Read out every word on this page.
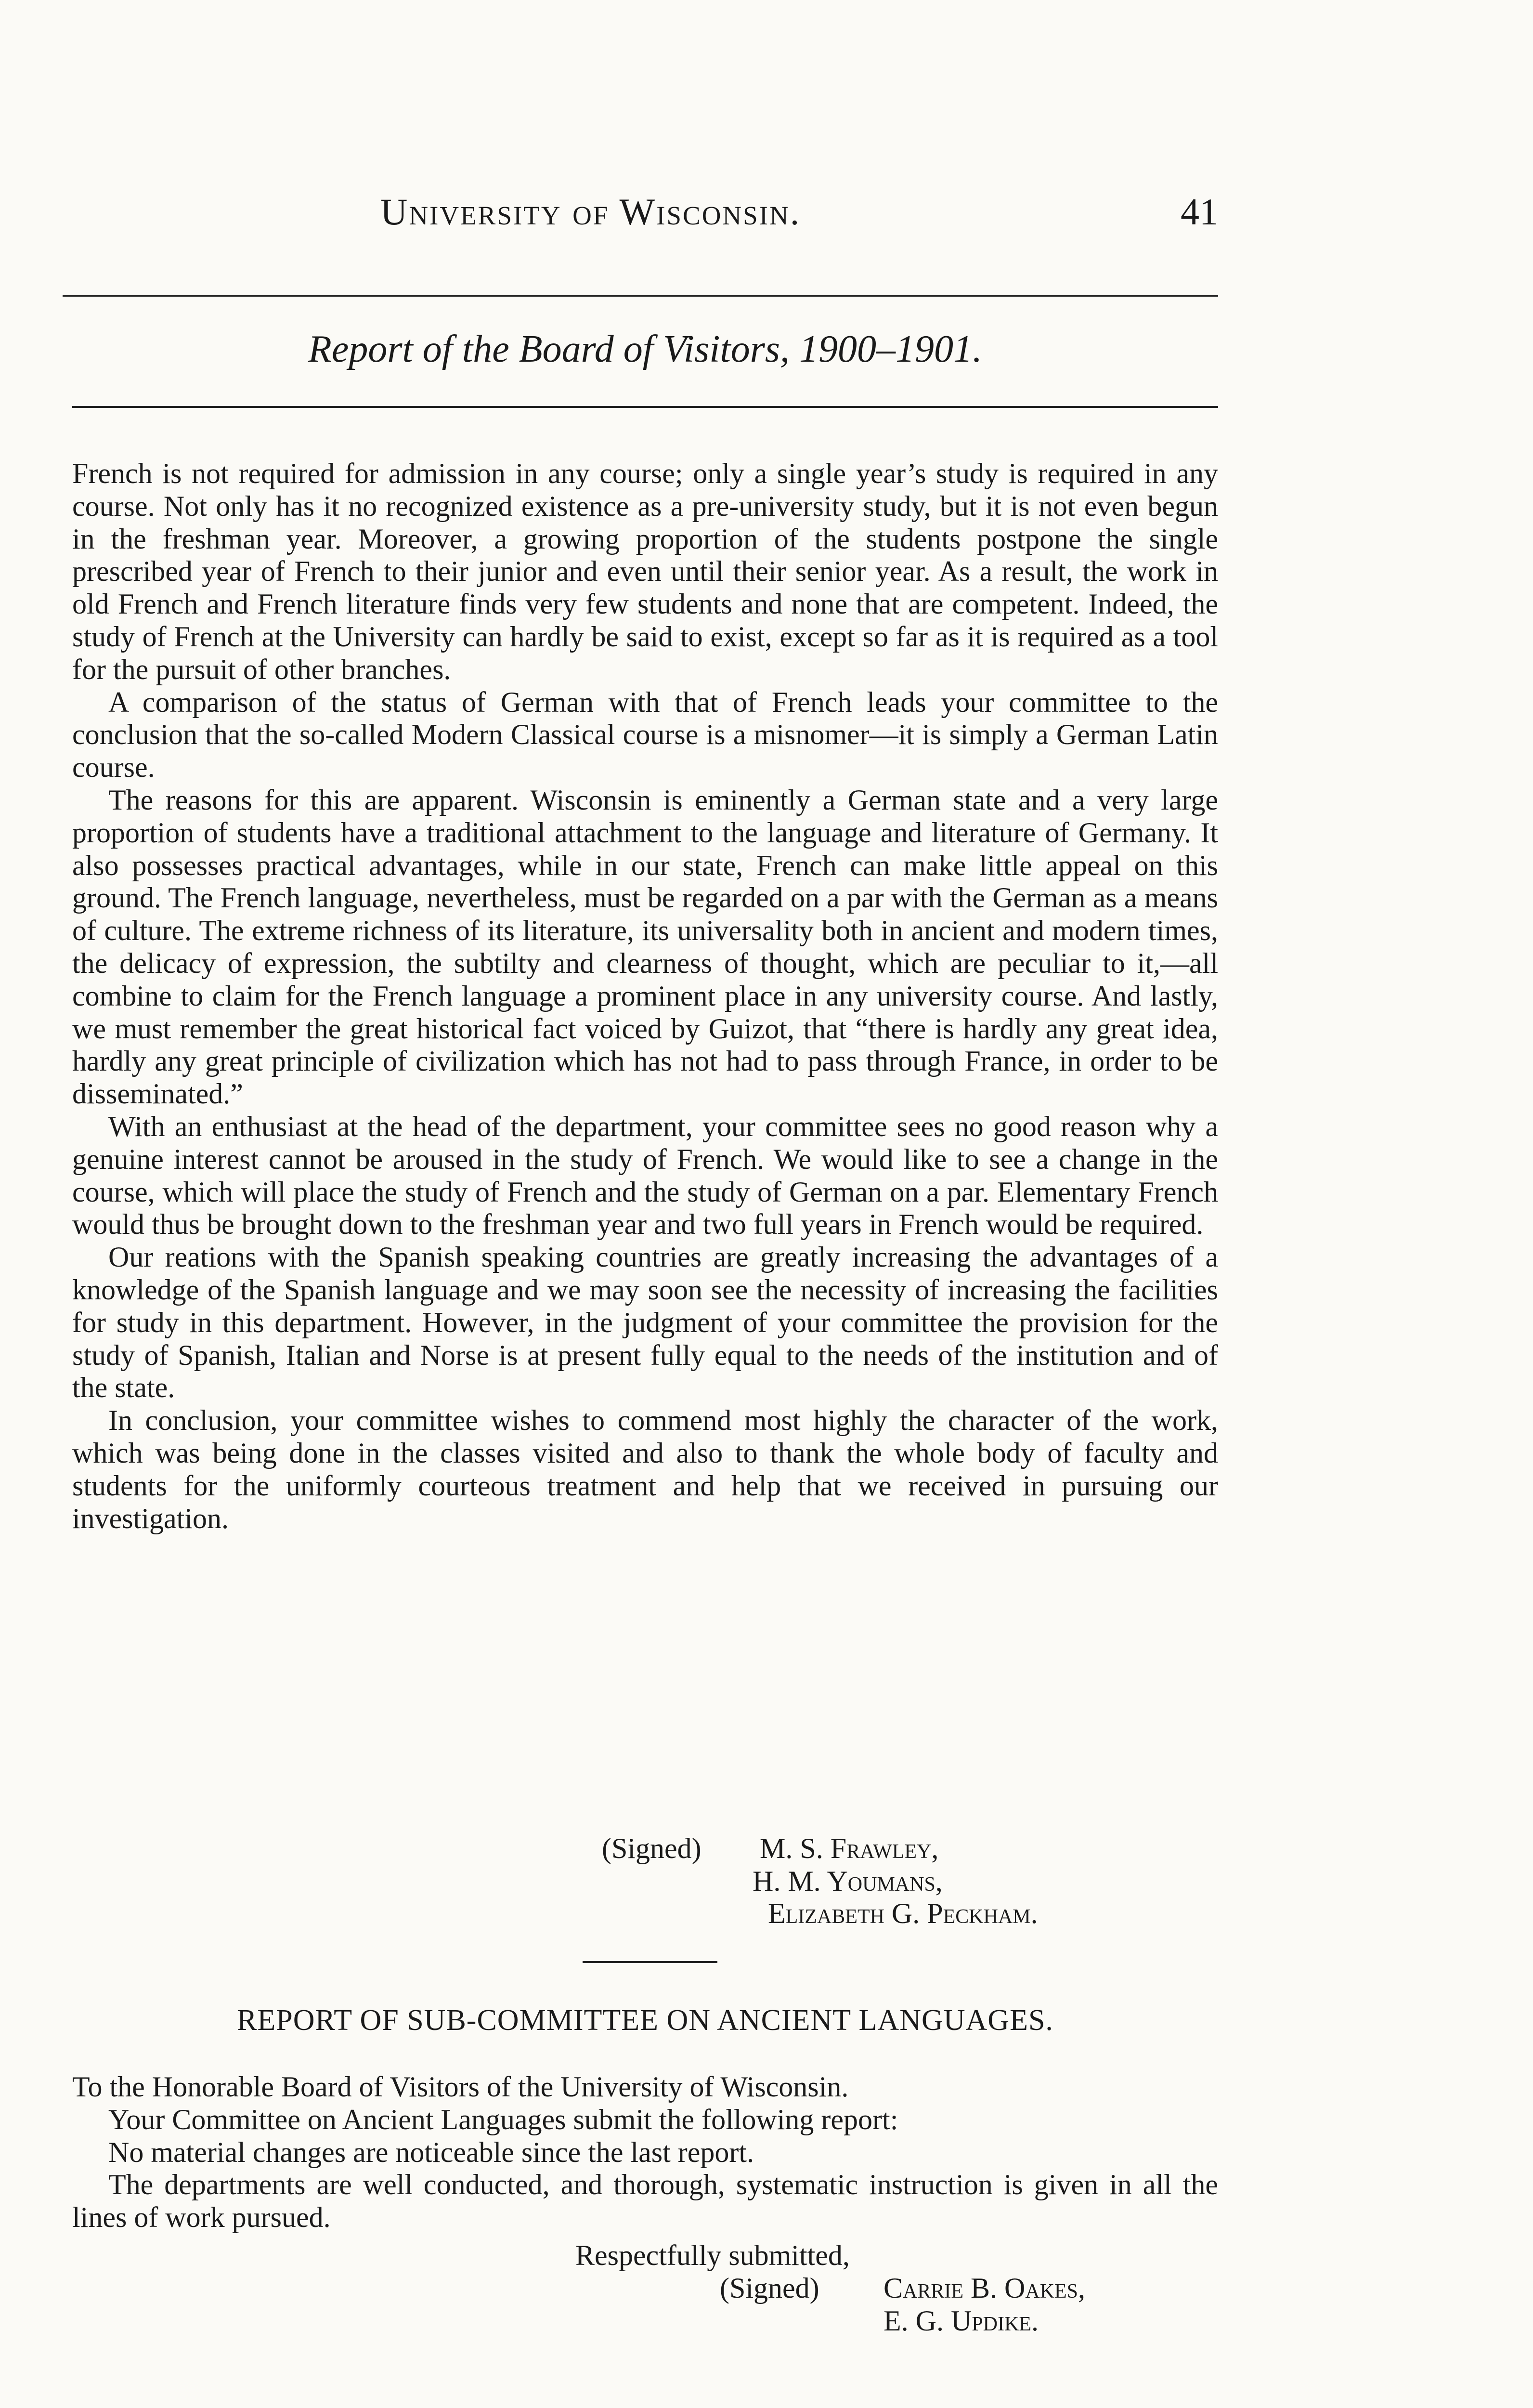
University of Wisconsin.	41
Report of the Board of Visitors, 1900–1901.

French is not required for admission in any course; only a single year’s study is required in any course. Not only has it no recognized existence as a pre-university study, but it is not even begun in the freshman year. Moreover, a growing proportion of the students postpone the single prescribed year of French to their junior and even until their senior year. As a result, the work in old French and French literature finds very few students and none that are competent. Indeed, the study of French at the University can hardly be said to exist, except so far as it is required as a tool for the pursuit of other branches.

A comparison of the status of German with that of French leads your committee to the conclusion that the so-called Modern Classical course is a misnomer—it is simply a German Latin course.

The reasons for this are apparent. Wisconsin is eminently a German state and a very large proportion of students have a traditional attachment to the language and literature of Germany. It also possesses practical advantages, while in our state, French can make little appeal on this ground. The French language, nevertheless, must be regarded on a par with the German as a means of culture. The extreme richness of its literature, its universality both in ancient and modern times, the delicacy of expression, the subtilty and clearness of thought, which are peculiar to it,—all combine to claim for the French language a prominent place in any university course. And lastly, we must remember the great historical fact voiced by Guizot, that “there is hardly any great idea, hardly any great principle of civilization which has not had to pass through France, in order to be disseminated.”

With an enthusiast at the head of the department, your committee sees no good reason why a genuine interest cannot be aroused in the study of French. We would like to see a change in the course, which will place the study of French and the study of German on a par. Elementary French would thus be brought down to the freshman year and two full years in French would be required.

Our reations with the Spanish speaking countries are greatly increasing the advantages of a knowledge of the Spanish language and we may soon see the necessity of increasing the facilities for study in this department. However, in the judgment of your committee the provision for the study of Spanish, Italian and Norse is at present fully equal to the needs of the institution and of the state.

In conclusion, your committee wishes to commend most highly the character of the work, which was being done in the classes visited and also to thank the whole body of faculty and students for the uniformly courteous treatment and help that we received in pursuing our investigation.

(Signed) M. S. Frawley,
H. M. Youmans,
Elizabeth G. Peckham.
REPORT OF SUB-COMMITTEE ON ANCIENT LANGUAGES.

To the Honorable Board of Visitors of the University of Wisconsin.

Your Committee on Ancient Languages submit the following report:

No material changes are noticeable since the last report.

The departments are well conducted, and thorough, systematic instruction is given in all the lines of work pursued.

Respectfully submitted,
(Signed) Carrie B. Oakes,
E. G. Updike.
